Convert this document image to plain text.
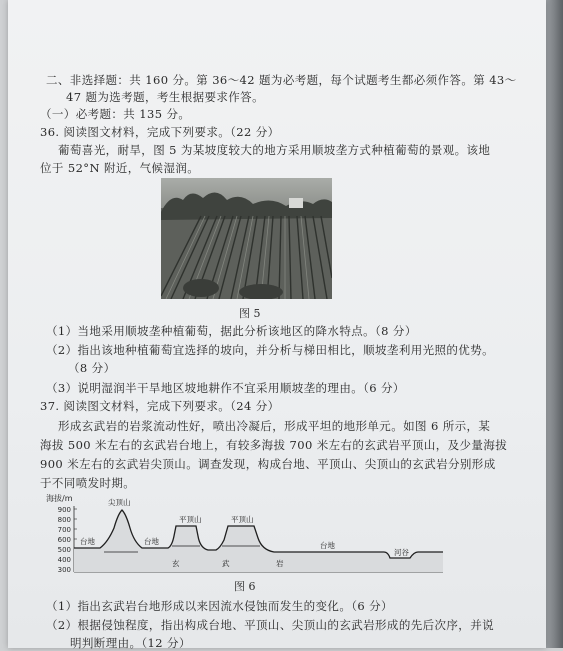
二、非选择题：共 160 分。第 36～42 题为必考题，每个试题考生都必须作答。第 43～
47 题为选考题，考生根据要求作答。
（一）必考题：共 135 分。
36. 阅读图文材料，完成下列要求。（22 分）
葡萄喜光，耐旱，图 5 为某坡度较大的地方采用顺坡垄方式种植葡萄的景观。该地
位于 52°N 附近，气候湿润。
图 5
（1）当地采用顺坡垄种植葡萄，据此分析该地区的降水特点。（8 分）
（2）指出该地种植葡萄宜选择的坡向，并分析与梯田相比，顺坡垄利用光照的优势。
（8 分）
（3）说明湿润半干旱地区坡地耕作不宜采用顺坡垄的理由。（6 分）
37. 阅读图文材料，完成下列要求。（24 分）
形成玄武岩的岩浆流动性好，喷出冷凝后，形成平坦的地形单元。如图 6 所示，某
海拔 500 米左右的玄武岩台地上，有较多海拔 700 米左右的玄武岩平顶山，及少量海拔
900 米左右的玄武岩尖顶山。调查发现，构成台地、平顶山、尖顶山的玄武岩分别形成
于不同喷发时期。
海拔/m
900
800
700
600
500
400
300
尖顶山
平顶山	平顶山
台地	台地	台地
河谷
玄	武	岩
图 6
（1）指出玄武岩台地形成以来因流水侵蚀而发生的变化。（6 分）
（2）根据侵蚀程度，指出构成台地、平顶山、尖顶山的玄武岩形成的先后次序，并说
明判断理由。（12 分）
